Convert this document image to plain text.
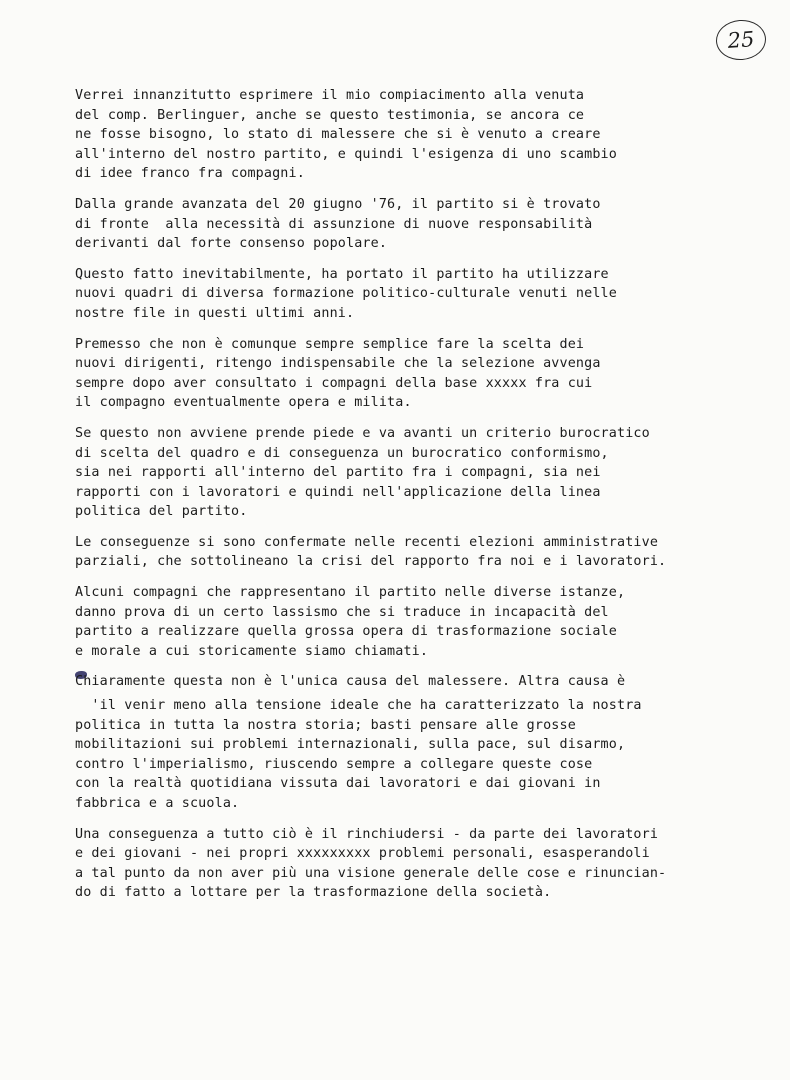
25
Verrei innanzitutto esprimere il mio compiacimento alla venuta
del comp. Berlinguer, anche se questo testimonia, se ancora ce
ne fosse bisogno, lo stato di malessere che si è venuto a creare
all'interno del nostro partito, e quindi l'esigenza di uno scambio
di idee franco fra compagni.
Dalla grande avanzata del 20 giugno '76, il partito si è trovato
di fronte  alla necessità di assunzione di nuove responsabilità
derivanti dal forte consenso popolare.
Questo fatto inevitabilmente, ha portato il partito ha utilizzare
nuovi quadri di diversa formazione politico-culturale venuti nelle
nostre file in questi ultimi anni.
Premesso che non è comunque sempre semplice fare la scelta dei
nuovi dirigenti, ritengo indispensabile che la selezione avvenga
sempre dopo aver consultato i compagni della base xxxxx fra cui
il compagno eventualmente opera e milita.
Se questo non avviene prende piede e va avanti un criterio burocratico
di scelta del quadro e di conseguenza un burocratico conformismo,
sia nei rapporti all'interno del partito fra i compagni, sia nei
rapporti con i lavoratori e quindi nell'applicazione della linea
politica del partito.
Le conseguenze si sono confermate nelle recenti elezioni amministrative
parziali, che sottolineano la crisi del rapporto fra noi e i lavoratori.
Alcuni compagni che rappresentano il partito nelle diverse istanze,
danno prova di un certo lassismo che si traduce in incapacità del
partito a realizzare quella grossa opera di trasformazione sociale
e morale a cui storicamente siamo chiamati.
Chiaramente questa non è l'unica causa del malessere. Altra causa è
'il venir meno alla tensione ideale che ha caratterizzato la nostra
politica in tutta la nostra storia; basti pensare alle grosse
mobilitazioni sui problemi internazionali, sulla pace, sul disarmo,
contro l'imperialismo, riuscendo sempre a collegare queste cose
con la realtà quotidiana vissuta dai lavoratori e dai giovani in
fabbrica e a scuola.
Una conseguenza a tutto ciò è il rinchiudersi - da parte dei lavoratori
e dei giovani - nei propri xxxxxxxxx problemi personali, esasperandoli
a tal punto da non aver più una visione generale delle cose e rinuncian-
do di fatto a lottare per la trasformazione della società.
